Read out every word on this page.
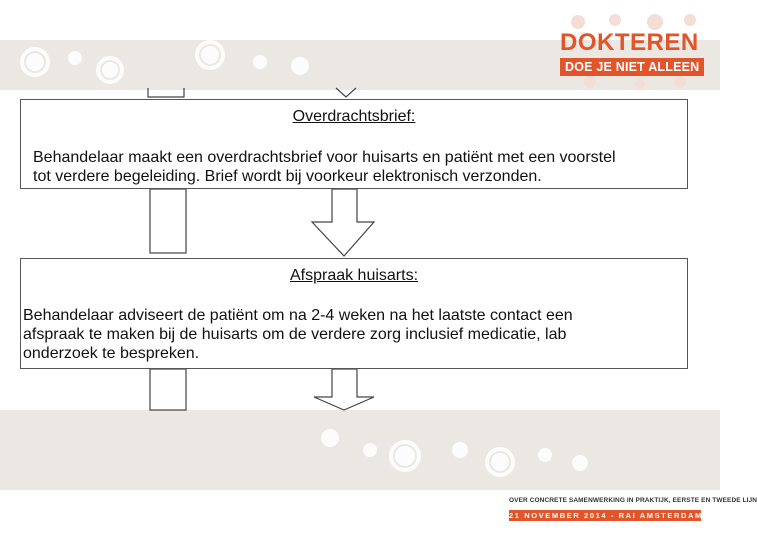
DOKTEREN
DOE JE NIET ALLEEN
Overdrachtsbrief:
Behandelaar maakt een overdrachtsbrief voor huisarts en patiënt met een voorstel
tot verdere begeleiding. Brief wordt bij voorkeur elektronisch verzonden.
Afspraak huisarts:
Behandelaar adviseert de patiënt om na 2-4 weken na het laatste contact een
afspraak te maken bij de huisarts om de verdere zorg inclusief medicatie, lab
onderzoek te bespreken.
OVER CONCRETE SAMENWERKING IN PRAKTIJK, EERSTE EN TWEEDE LIJN
21 NOVEMBER 2014 - RAI AMSTERDAM
